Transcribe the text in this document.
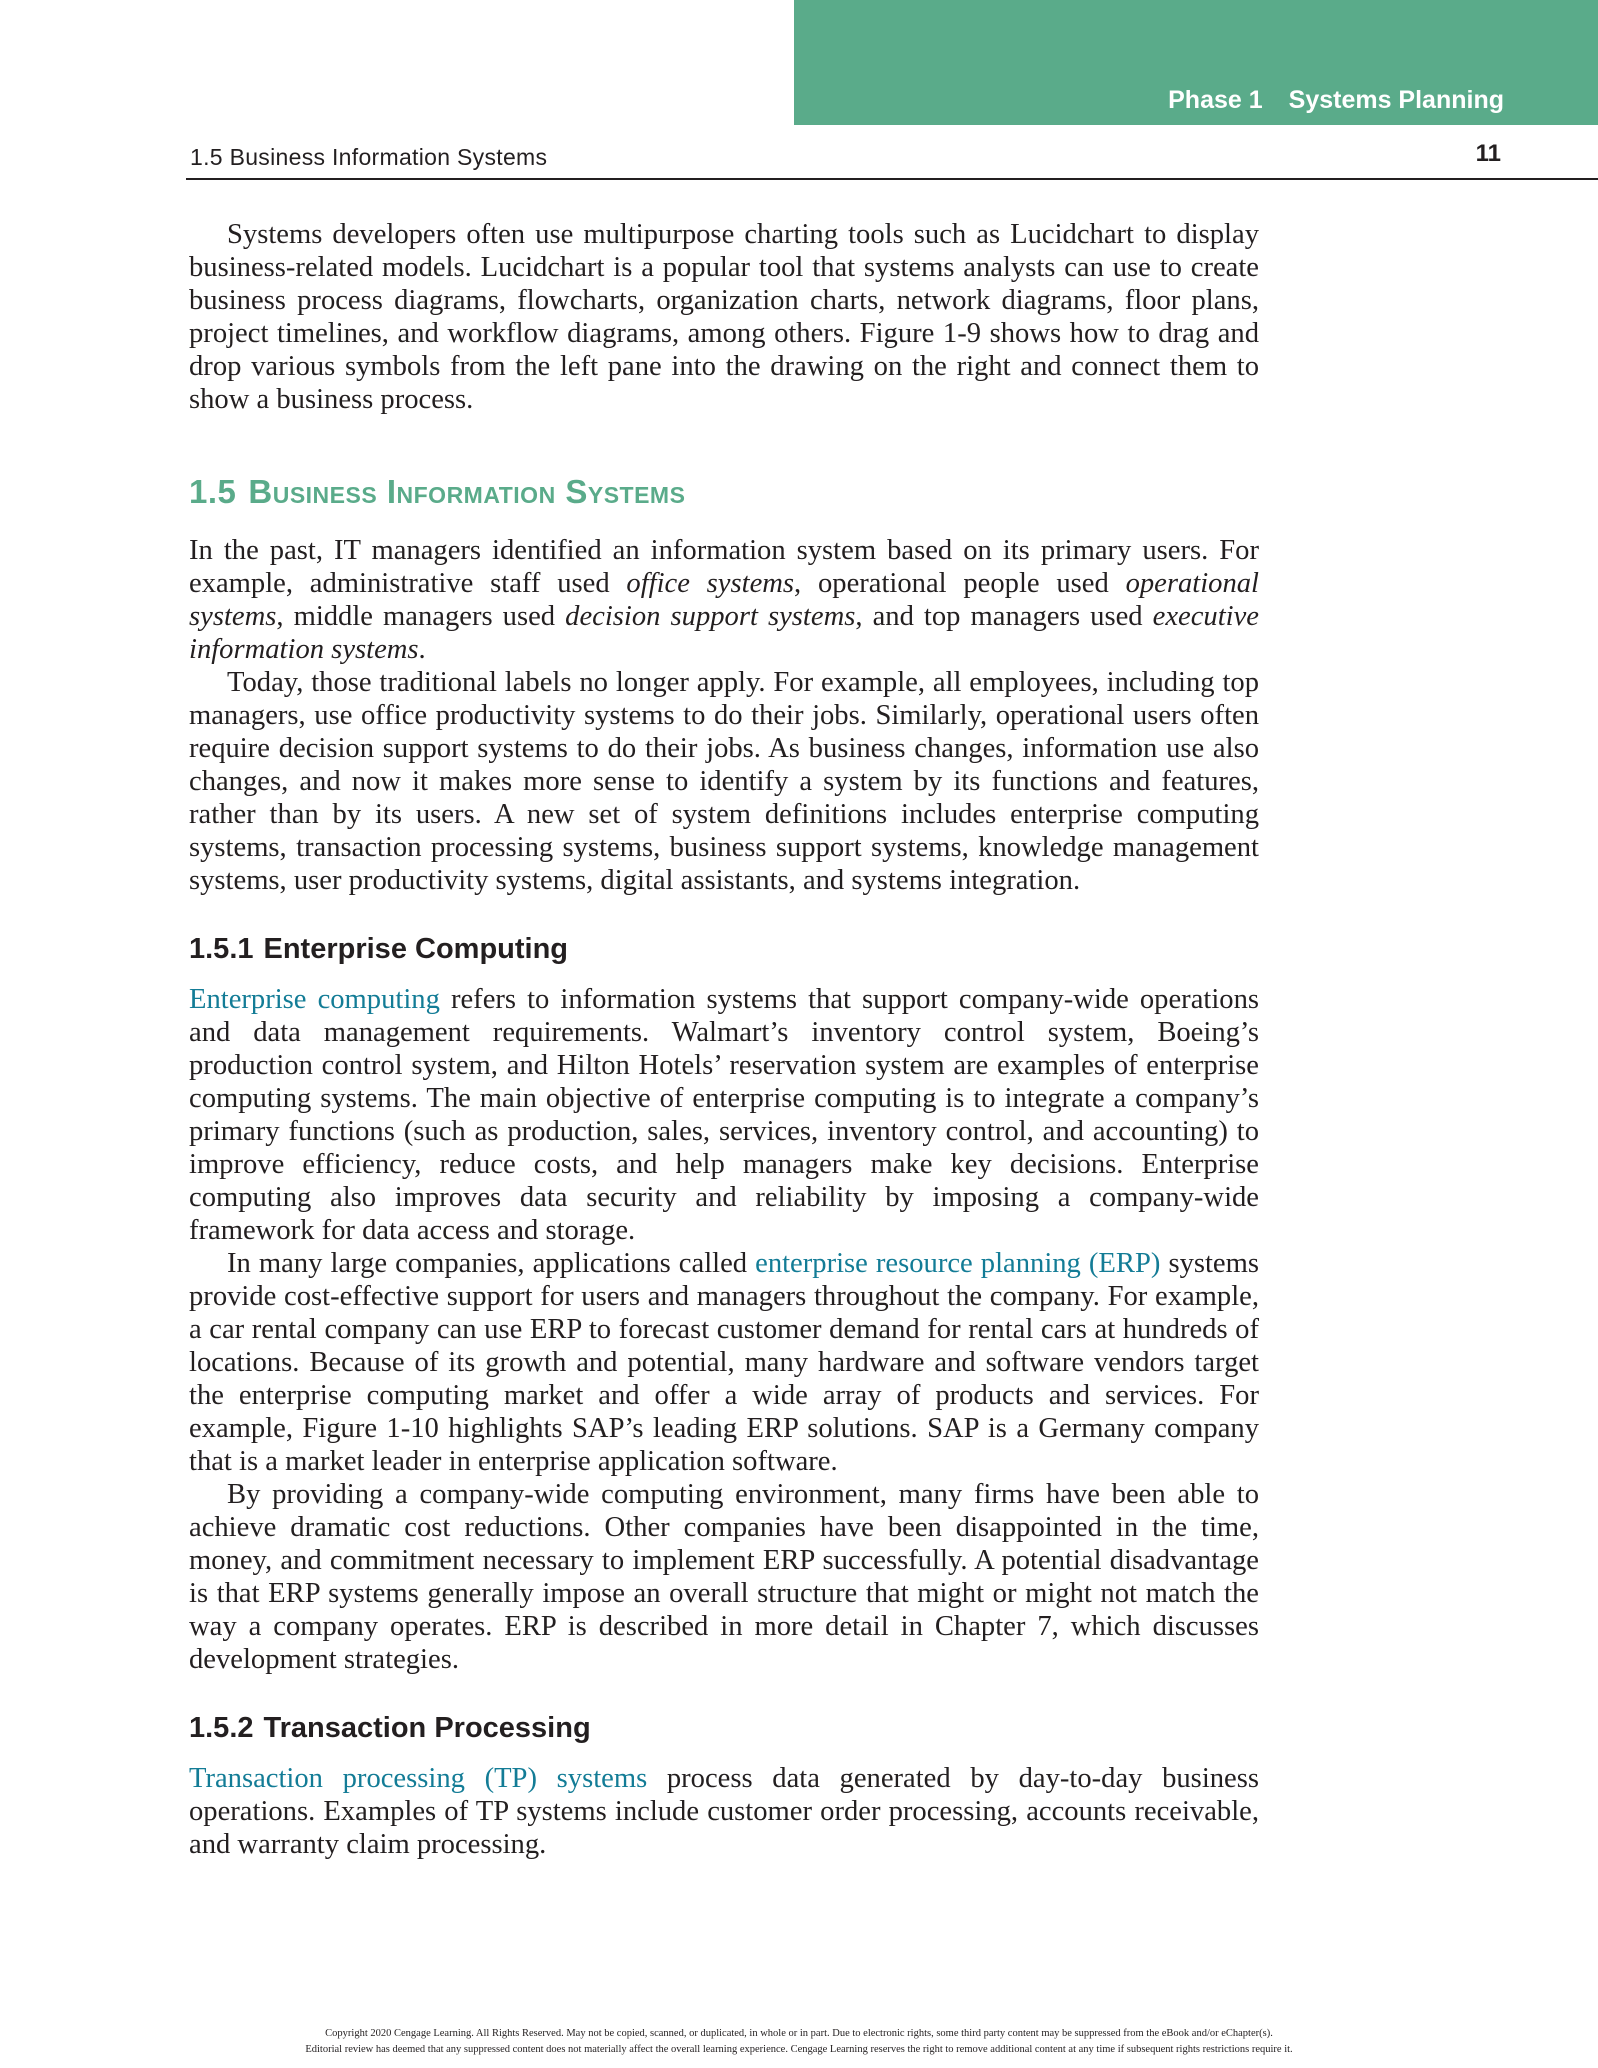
Phase 1 Systems Planning
1.5 Business Information Systems	11

Systems developers often use multipurpose charting tools such as Lucidchart to display business-related models. Lucidchart is a popular tool that systems analysts can use to create business process diagrams, flowcharts, organization charts, network diagrams, floor plans, project timelines, and workflow diagrams, among others. Figure 1-9 shows how to drag and drop various symbols from the left pane into the drawing on the right and connect them to show a business process.

1.5 Business Information Systems

In the past, IT managers identified an information system based on its primary users. For example, administrative staff used office systems, operational people used operational systems, middle managers used decision support systems, and top managers used executive information systems.

Today, those traditional labels no longer apply. For example, all employees, including top managers, use office productivity systems to do their jobs. Similarly, operational users often require decision support systems to do their jobs. As business changes, information use also changes, and now it makes more sense to identify a system by its functions and features, rather than by its users. A new set of system definitions includes enterprise computing systems, transaction processing systems, business support systems, knowledge management systems, user productivity systems, digital assistants, and systems integration.

1.5.1 Enterprise Computing

Enterprise computing refers to information systems that support company-wide operations and data management requirements. Walmart’s inventory control system, Boeing’s production control system, and Hilton Hotels’ reservation system are examples of enterprise computing systems. The main objective of enterprise computing is to integrate a company’s primary functions (such as production, sales, services, inventory control, and accounting) to improve efficiency, reduce costs, and help managers make key decisions. Enterprise computing also improves data security and reliability by imposing a company-wide framework for data access and storage.

In many large companies, applications called enterprise resource planning (ERP) systems provide cost-effective support for users and managers throughout the company. For example, a car rental company can use ERP to forecast customer demand for rental cars at hundreds of locations. Because of its growth and potential, many hardware and software vendors target the enterprise computing market and offer a wide array of products and services. For example, Figure 1-10 highlights SAP’s leading ERP solutions. SAP is a Germany company that is a market leader in enterprise application software.

By providing a company-wide computing environment, many firms have been able to achieve dramatic cost reductions. Other companies have been disappointed in the time, money, and commitment necessary to implement ERP successfully. A potential disadvantage is that ERP systems generally impose an overall structure that might or might not match the way a company operates. ERP is described in more detail in Chapter 7, which discusses development strategies.

1.5.2 Transaction Processing

Transaction processing (TP) systems process data generated by day-to-day business operations. Examples of TP systems include customer order processing, accounts receivable, and warranty claim processing.

Copyright 2020 Cengage Learning. All Rights Reserved. May not be copied, scanned, or duplicated, in whole or in part. Due to electronic rights, some third party content may be suppressed from the eBook and/or eChapter(s).
Editorial review has deemed that any suppressed content does not materially affect the overall learning experience. Cengage Learning reserves the right to remove additional content at any time if subsequent rights restrictions require it.
